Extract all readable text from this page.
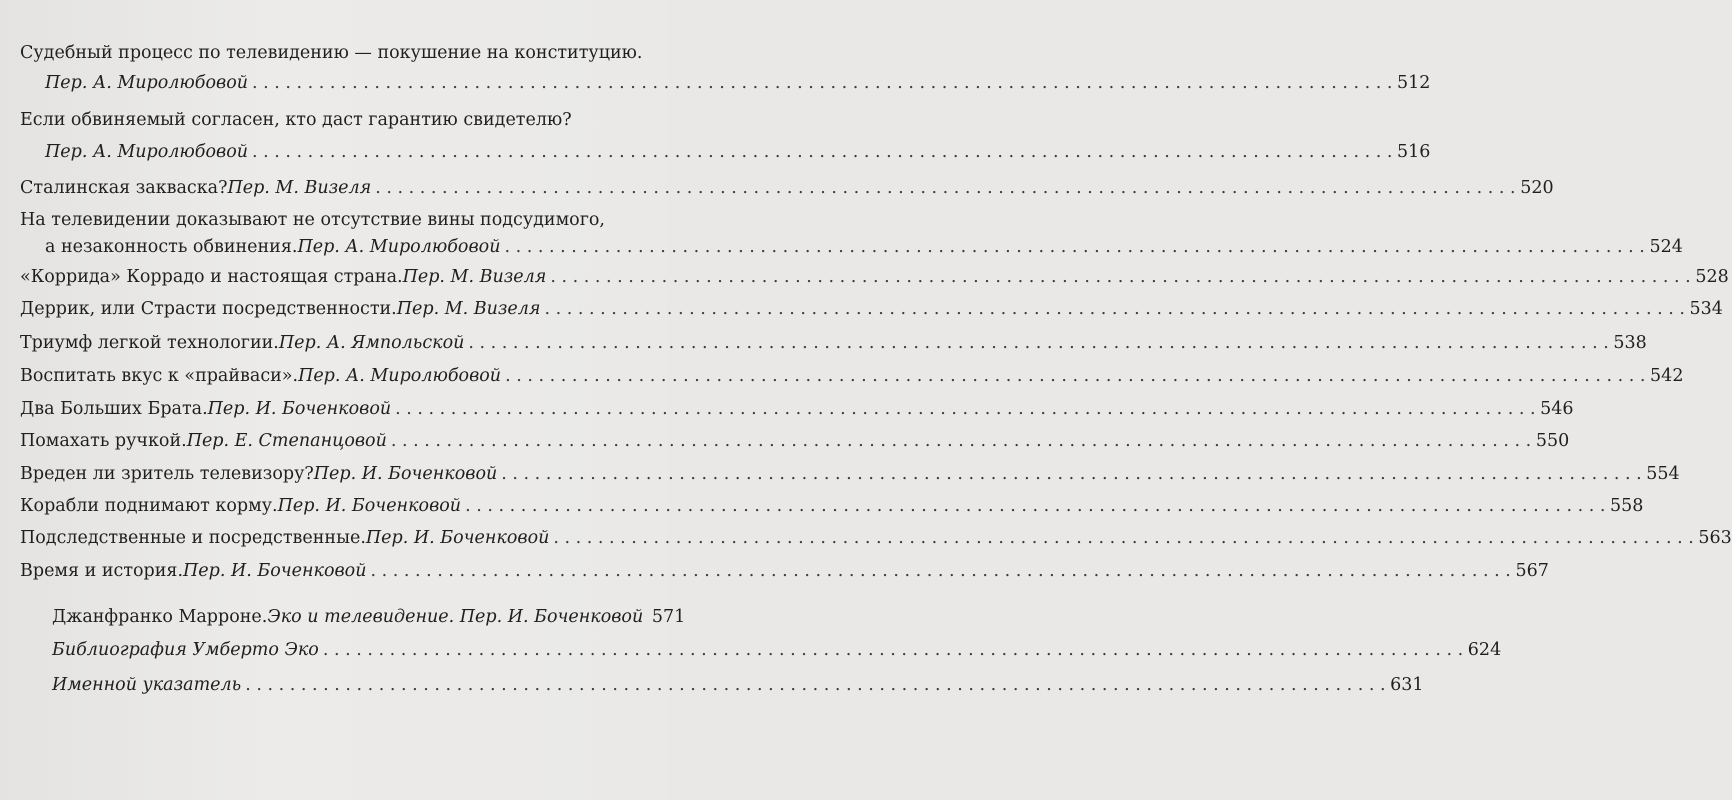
Судебный процесс по телевидению — покушение на конституцию.
Пер. А. Миролюбовой . . .	512
Если обвиняемый согласен, кто даст гарантию свидетелю?
Пер. А. Миролюбовой . . .	516
Сталинская закваска? Пер. М. Визеля . . .	520
На телевидении доказывают не отсутствие вины подсудимого,
а незаконность обвинения. Пер. А. Миролюбовой . . .	524
«Коррида» Коррадо и настоящая страна. Пер. М. Визеля . . .	528
Деррик, или Страсти посредственности. Пер. М. Визеля . . .	534
Триумф легкой технологии. Пер. А. Ямпольской . . .	538
Воспитать вкус к «прайваси». Пер. А. Миролюбовой . . .	542
Два Больших Брата. Пер. И. Боченковой . . .	546
Помахать ручкой. Пер. Е. Степанцовой . . .	550
Вреден ли зритель телевизору? Пер. И. Боченковой . . .	554
Корабли поднимают корму. Пер. И. Боченковой . . .	558
Подследственные и посредственные. Пер. И. Боченковой . . .	563
Время и история. Пер. И. Боченковой . . .	567
Джанфранко Марроне. Эко и телевидение. Пер. И. Боченковой 571
Библиография Умберто Эко . . .	624
Именной указатель . . .	631
